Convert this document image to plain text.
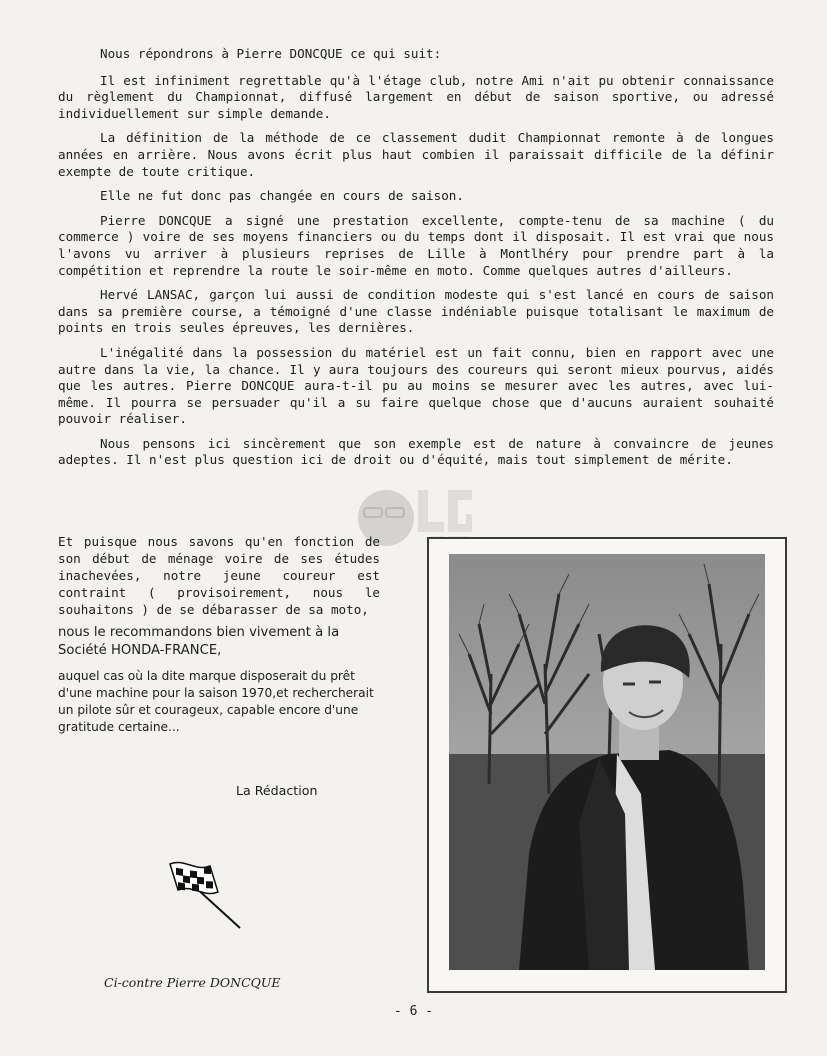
Nous répondrons à Pierre DONCQUE ce qui suit:

Il est infiniment regrettable qu'à l'étage club, notre Ami n'ait pu obtenir connaissance du règlement du Championnat, diffusé largement en début de saison sportive, ou adressé individuellement sur simple demande.

La définition de la méthode de ce classement dudit Championnat remonte à de longues années en arrière. Nous avons écrit plus haut combien il paraissait difficile de la définir exempte de toute critique.

Elle ne fut donc pas changée en cours de saison.

Pierre DONCQUE a signé une prestation excellente, compte-tenu de sa machine ( du commerce ) voire de ses moyens financiers ou du temps dont il disposait. Il est vrai que nous l'avons vu arriver à plusieurs reprises de Lille à Montlhéry pour prendre part à la compétition et reprendre la route le soir-même en moto. Comme quelques autres d'ailleurs.

Hervé LANSAC, garçon lui aussi de condition modeste qui s'est lancé en cours de saison dans sa première course, a témoigné d'une classe indéniable puisque totalisant le maximum de points en trois seules épreuves, les dernières.

L'inégalité dans la possession du matériel est un fait connu, bien en rapport avec une autre dans la vie, la chance. Il y aura toujours des coureurs qui seront mieux pourvus, aidés que les autres. Pierre DONCQUE aura-t-il pu au moins se mesurer avec les autres, avec lui-même. Il pourra se persuader qu'il a su faire quelque chose que d'aucuns auraient souhaité pouvoir réaliser.

Nous pensons ici sincèrement que son exemple est de nature à convaincre de jeunes adeptes. Il n'est plus question ici de droit ou d'équité, mais tout simplement de mérite.

Et puisque nous savons qu'en fonction de son début de ménage voire de ses études inachevées, notre jeune coureur est contraint ( provisoirement, nous le souhaitons ) de se débarasser de sa moto,

nous le recommandons bien vivement à la Société HONDA-FRANCE,

auquel cas où la dite marque disposerait du prêt d'une machine pour la saison 1970,et rechercherait un pilote sûr et courageux, capable encore d'une gratitude certaine...

La Rédaction
Ci-contre Pierre DONCQUE
- 6 -
